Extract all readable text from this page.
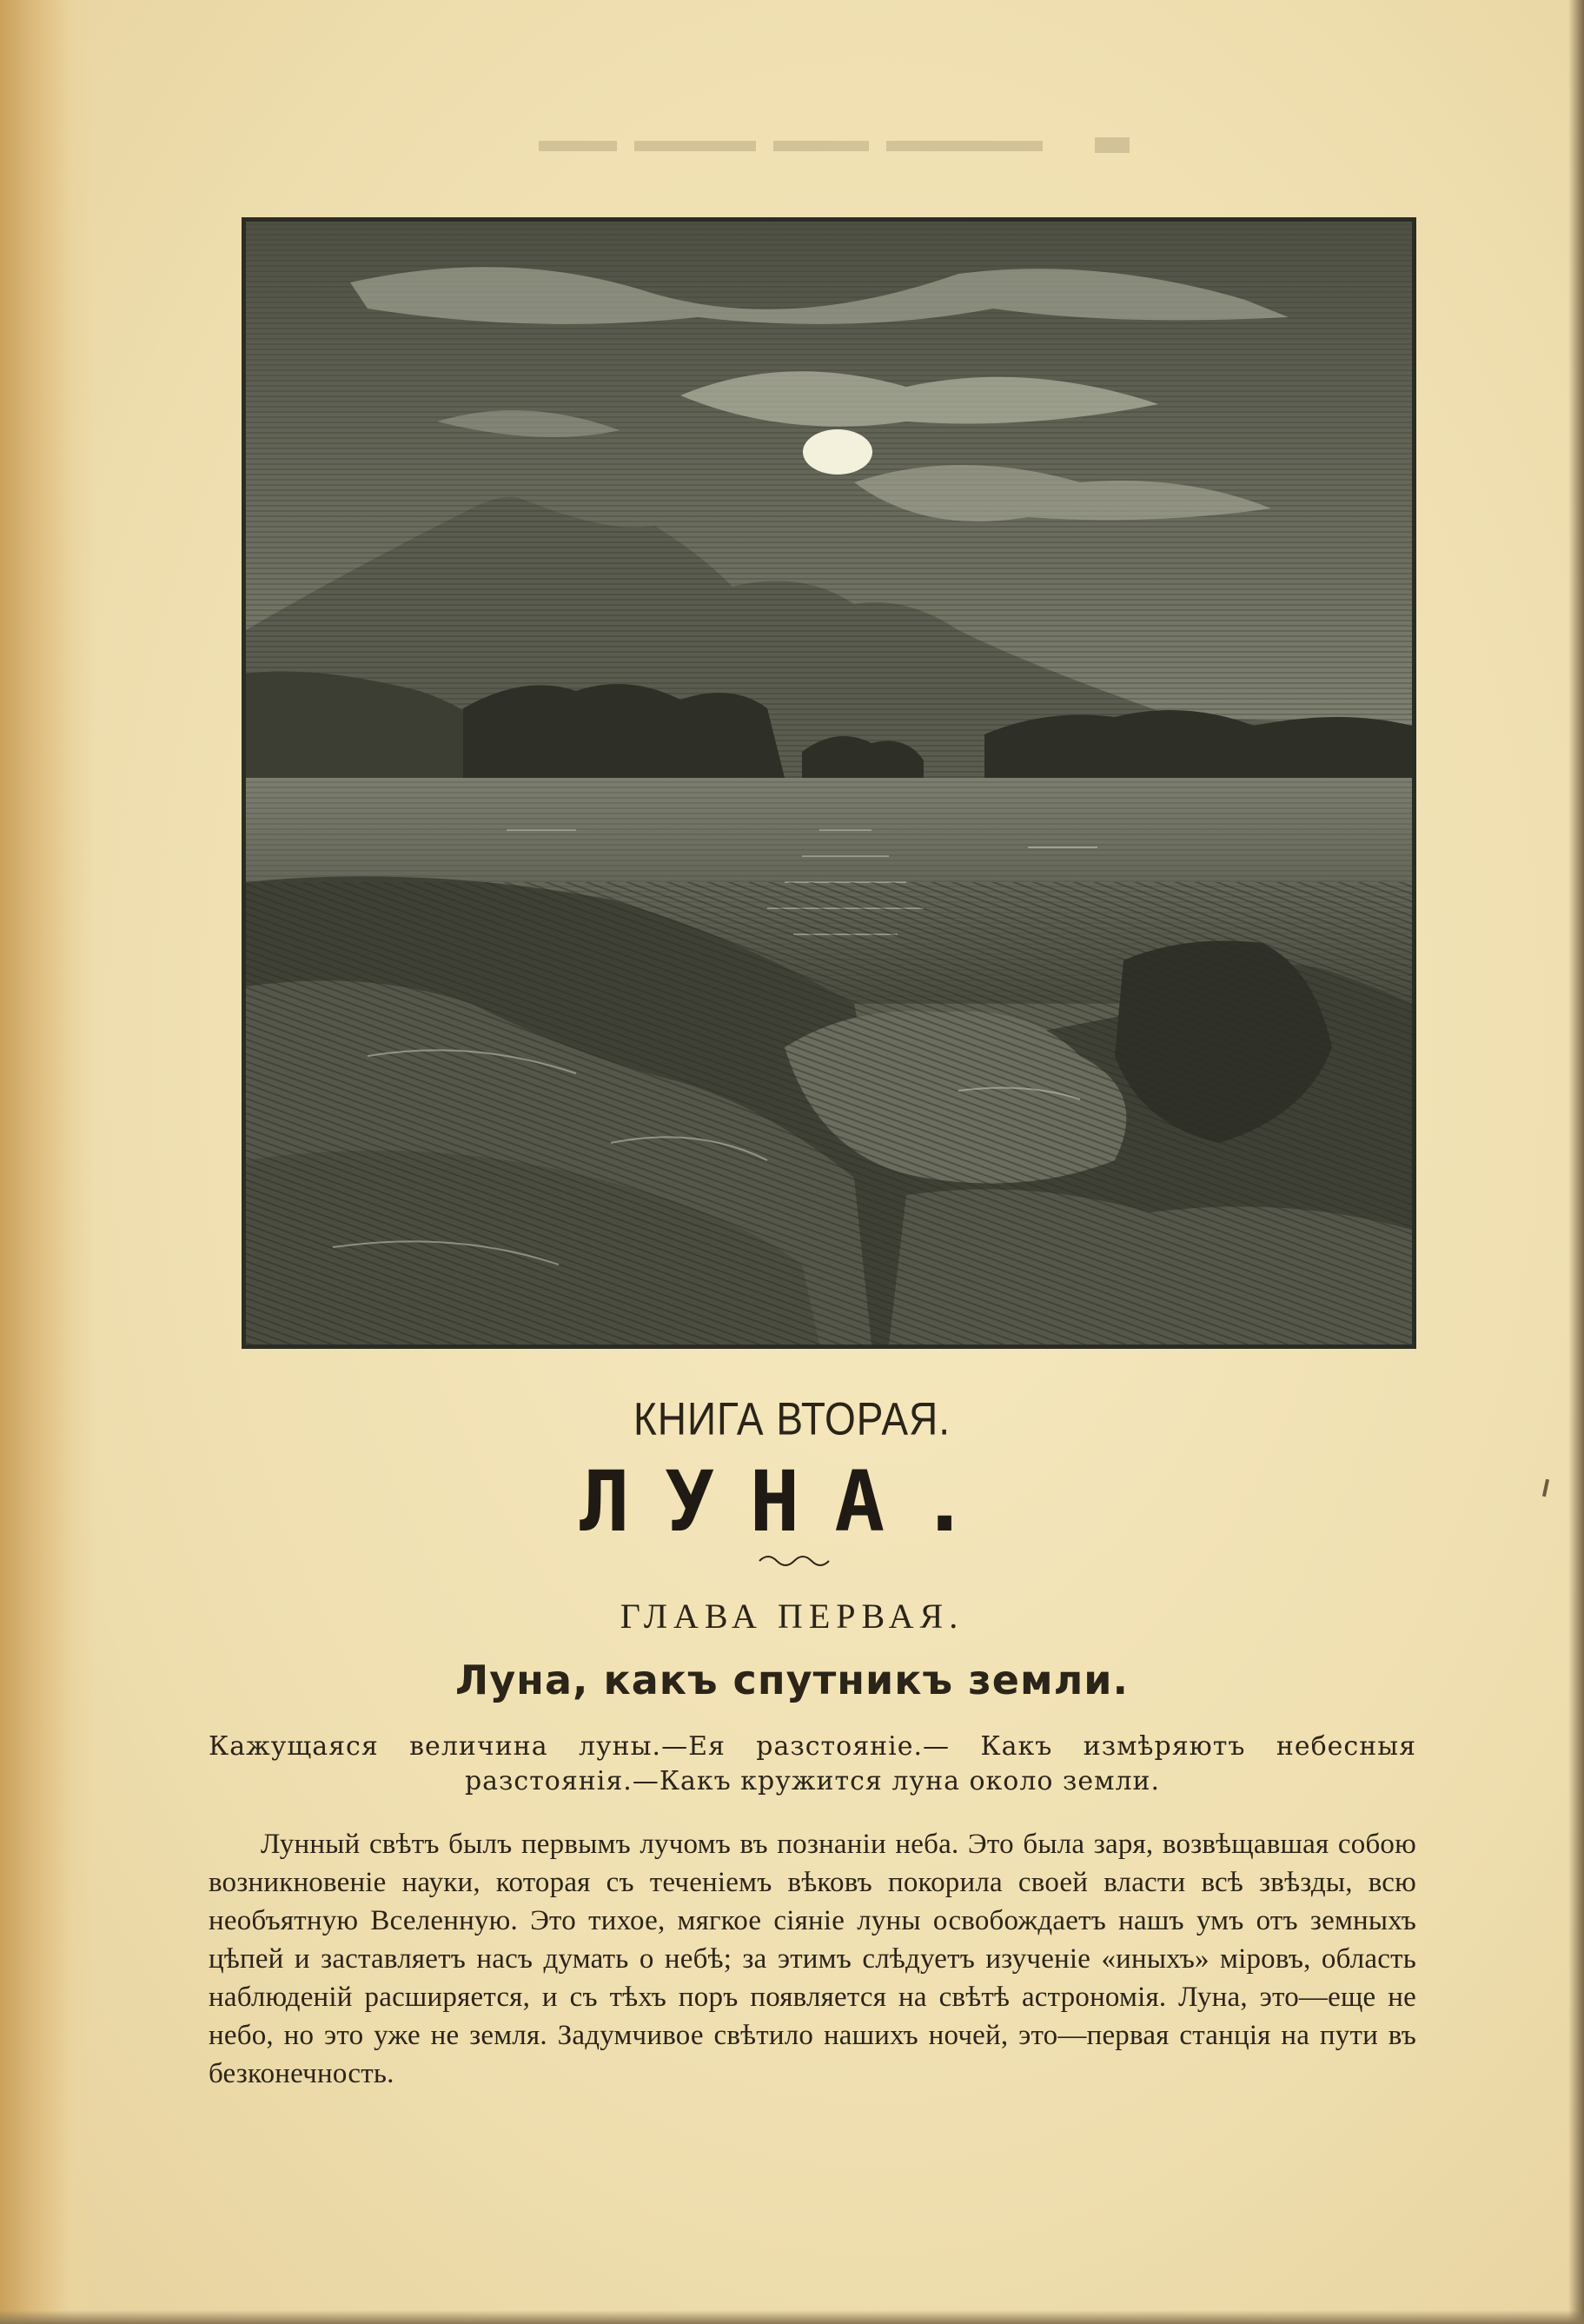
КНИГА ВТОРАЯ.
ЛУНА.
ГЛАВА ПЕРВАЯ.
Луна, какъ спутникъ земли.
Кажущаяся величина луны.—Ея разстояніе.— Какъ измѣряютъ небесныя разстоянія.—Какъ кружится луна около земли.
Лунный свѣтъ былъ первымъ лучомъ въ познаніи неба. Это была заря, возвѣщавшая собою возникновеніе науки, которая съ теченіемъ вѣковъ покорила своей власти всѣ звѣзды, всю необъятную Вселенную. Это тихое, мягкое сіяніе луны освобождаетъ нашъ умъ отъ земныхъ цѣпей и заставляетъ насъ думать о небѣ; за этимъ слѣдуетъ изученіе «иныхъ» міровъ, область наблюденій расширяется, и съ тѣхъ поръ появляется на свѣтѣ астрономія. Луна, это—еще не небо, но это уже не земля. Задумчивое свѣтило нашихъ ночей, это—первая станція на пути въ безконечность.
